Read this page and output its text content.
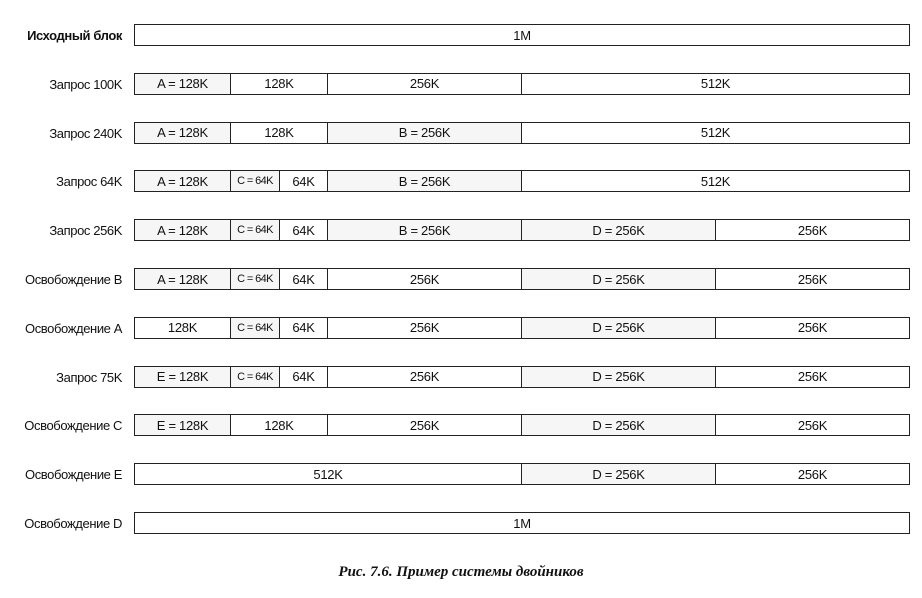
Исходный блок	1M
Запрос 100K	A = 128K	128K	256K	512K
Запрос 240K	A = 128K	128K	B = 256K	512K
Запрос 64K	A = 128K	C = 64K	64K	B = 256K	512K
Запрос 256K	A = 128K	C = 64K	64K	B = 256K	D = 256K	256K
Освобождение B	A = 128K	C = 64K	64K	256K	D = 256K	256K
Освобождение A	128K	C = 64K	64K	256K	D = 256K	256K
Запрос 75K	E = 128K	C = 64K	64K	256K	D = 256K	256K
Освобождение C	E = 128K	128K	256K	D = 256K	256K
Освобождение E	512K	D = 256K	256K
Освобождение D	1M
Рис. 7.6. Пример системы двойников
